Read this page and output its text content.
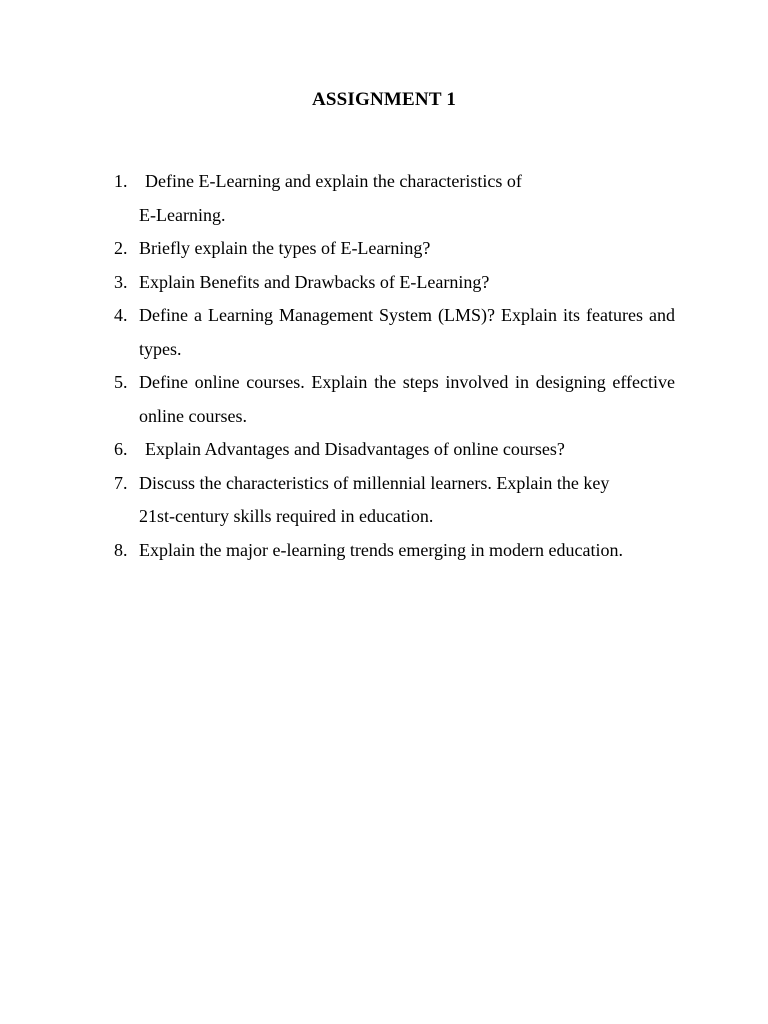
ASSIGNMENT 1
1. Define E-Learning and explain the characteristics of
E-Learning.
2. Briefly explain the types of E-Learning?
3. Explain Benefits and Drawbacks of E-Learning?
4. Define a Learning Management System (LMS)? Explain its features and types.
5. Define online courses. Explain the steps involved in designing effective online courses.
6. Explain Advantages and Disadvantages of online courses?
7. Discuss the characteristics of millennial learners. Explain the key
21st-century skills required in education.
8. Explain the major e-learning trends emerging in modern education.
